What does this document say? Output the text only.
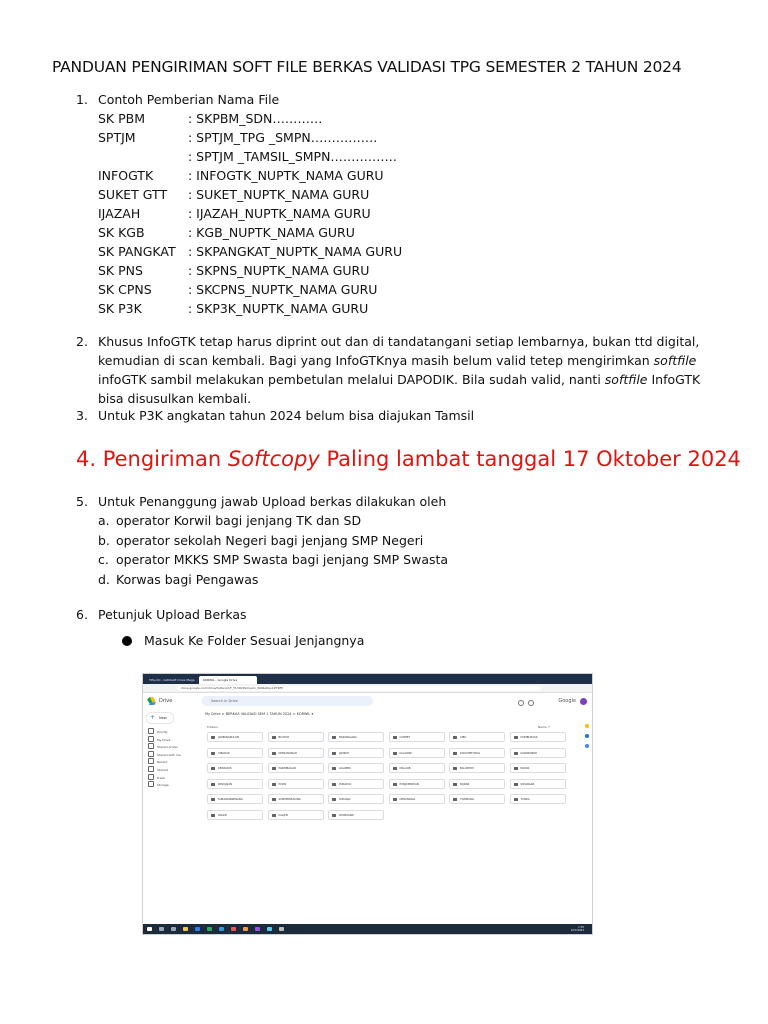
PANDUAN PENGIRIMAN SOFT FILE BERKAS VALIDASI TPG SEMESTER 2 TAHUN 2024
1. Contoh Pemberian Nama File
SK PBM	: SKPBM_SDN…………
SPTJM	: SPTJM_TPG _SMPN…………….
: SPTJM _TAMSIL_SMPN…………….
INFOGTK	: INFOGTK_NUPTK_NAMA GURU
SUKET GTT : SUKET_NUPTK_NAMA GURU
IJAZAH	: IJAZAH_NUPTK_NAMA GURU
SK KGB	: KGB_NUPTK_NAMA GURU
SK PANGKAT : SKPANGKAT_NUPTK_NAMA GURU
SK PNS	: SKPNS_NUPTK_NAMA GURU
SK CPNS	: SKCPNS_NUPTK_NAMA GURU
SK P3K	: SKP3K_NUPTK_NAMA GURU
2. Khusus InfoGTK tetap harus diprint out dan di tandatangani setiap lembarnya, bukan ttd digital, kemudian di scan kembali. Bagi yang InfoGTKnya masih belum valid tetep mengirimkan softfile infoGTK sambil melakukan pembetulan melalui DAPODIK. Bila sudah valid, nanti softfile InfoGTK bisa disusulkan kembali.
3. Untuk P3K angkatan tahun 2024 belum bisa diajukan Tamsil
4. Pengiriman Softcopy Paling lambat tanggal 17 Oktober 2024
5. Untuk Penanggung jawab Upload berkas dilakukan oleh
a. operator Korwil bagi jenjang TK dan SD
b. operator sekolah Negeri bagi jenjang SMP Negeri
c. operator MKKS SMP Swasta bagi jenjang SMP Swasta
d. Korwas bagi Pengawas
6. Petunjuk Upload Berkas
Masuk Ke Folder Sesuai Jenjangnya
TPG-CO - GOOGLE Drive Mega	KORWIL - Google Drive
drive.google.com/drive/folders/1F_T13OkPsmpam_WKReRqo1ZTRFP
Drive	Search in Drive	Google
+ New
Priority
My Drive
Shared drives
Shared with me
Recent
Starred
Trash
Storage
My Drive > BERKAS VALIDASI SEM 1 TAHUN 2024 > KORWIL ▾
Folders	Name ↑
JAMPANGKULON	BUATUR	BOJONGGARA	CAMPET	CIBU	DOMBURUSS
CIBADAK	KERSAMANAH	JAMPAH	KALAPARI	KADUMPTUKUG	KARANGBOR
KEMAURIS	PARIMBAGAN	LIGAMBU	MALAOB	BALINTOM	PADAN
PANUJAJAN	PURIS	PURGELO	PUNJOMPAHAN	PAJRAN	SIDANGAN
SUBARANGBINANG	SUMMERPUKANG	SUKANJA	DERATANGA	TOMMANG	TUNDA
WAGIR	KALJEN	WONOGARI
1:55
10/7/2024
